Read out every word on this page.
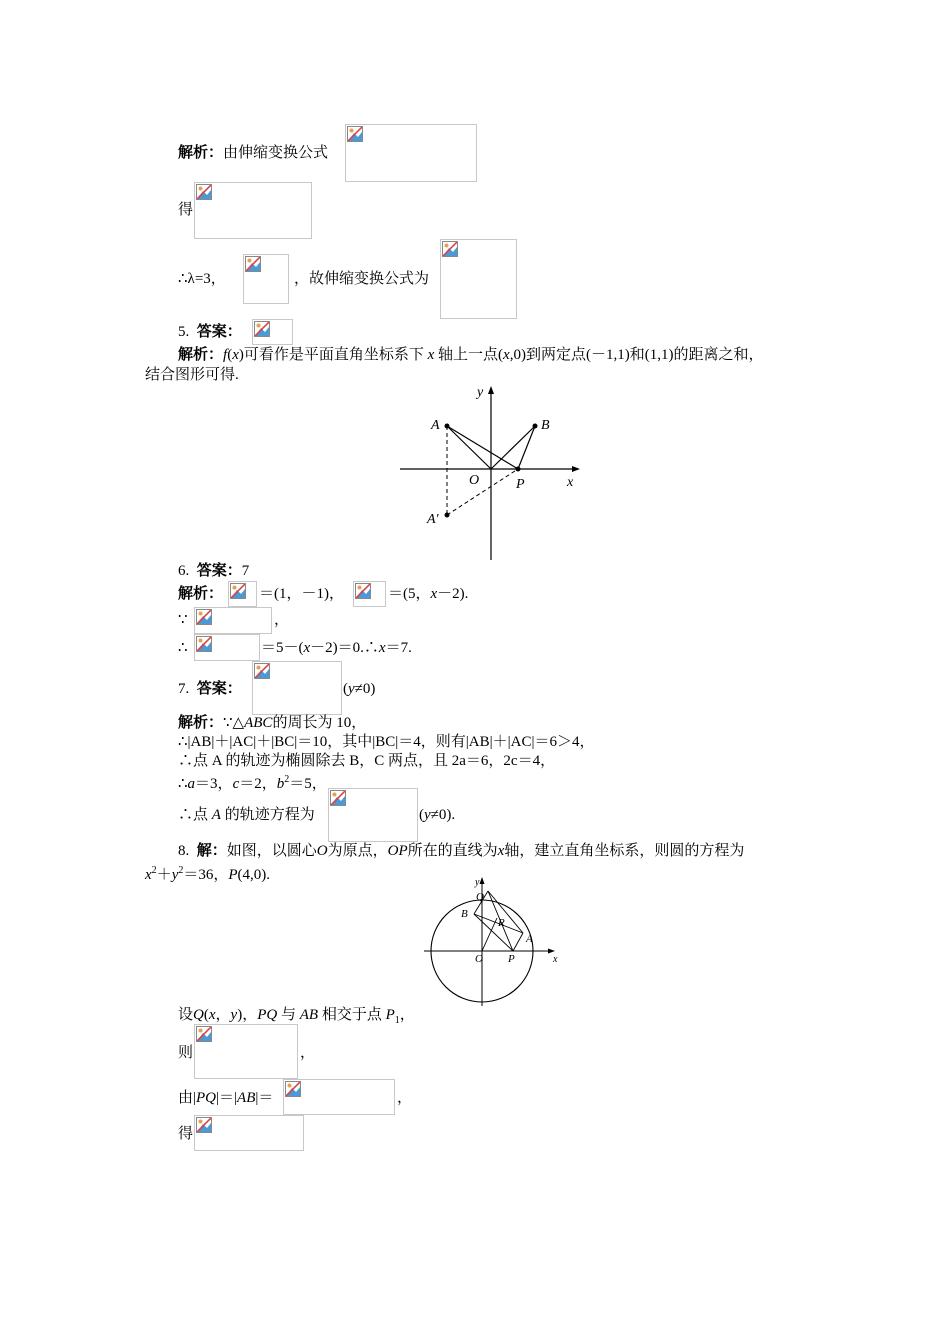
解析：由伸缩变换公式
得
∴λ=3，	，故伸缩变换公式为
5. 答案：
解析：f(x)可看作是平面直角坐标系下 x 轴上一点(x,0)到两定点(－1,1)和(1,1)的距离之和，
结合图形可得.
y
x
A	B
O	P
A′
6. 答案：7
解析： ＝(1，－1)，	＝(5，x－2).
∵	，
∴	＝5－(x－2)＝0.∴x＝7.
7. 答案：	(y≠0)
解析：∵△ABC的周长为 10，
∴|AB|＋|AC|＋|BC|＝10，其中|BC|＝4，则有|AB|＋|AC|＝6＞4，
∴点 A 的轨迹为椭圆除去 B，C 两点，且 2a＝6，2c＝4，
∴a＝3，c＝2，$b^2=5$，
∴点 A 的轨迹方程为	(y≠0).
8. 解：如图，以圆心O为原点，OP所在的直线为x轴，建立直角坐标系，则圆的方程为
$x^2+y^2=36$，P(4,0).	y
x
Q
B
R
A
O P
设Q(x，y)，PQ 与 AB 相交于点 $P_1$，
则	，
由|PQ|＝|AB|＝	，
得
